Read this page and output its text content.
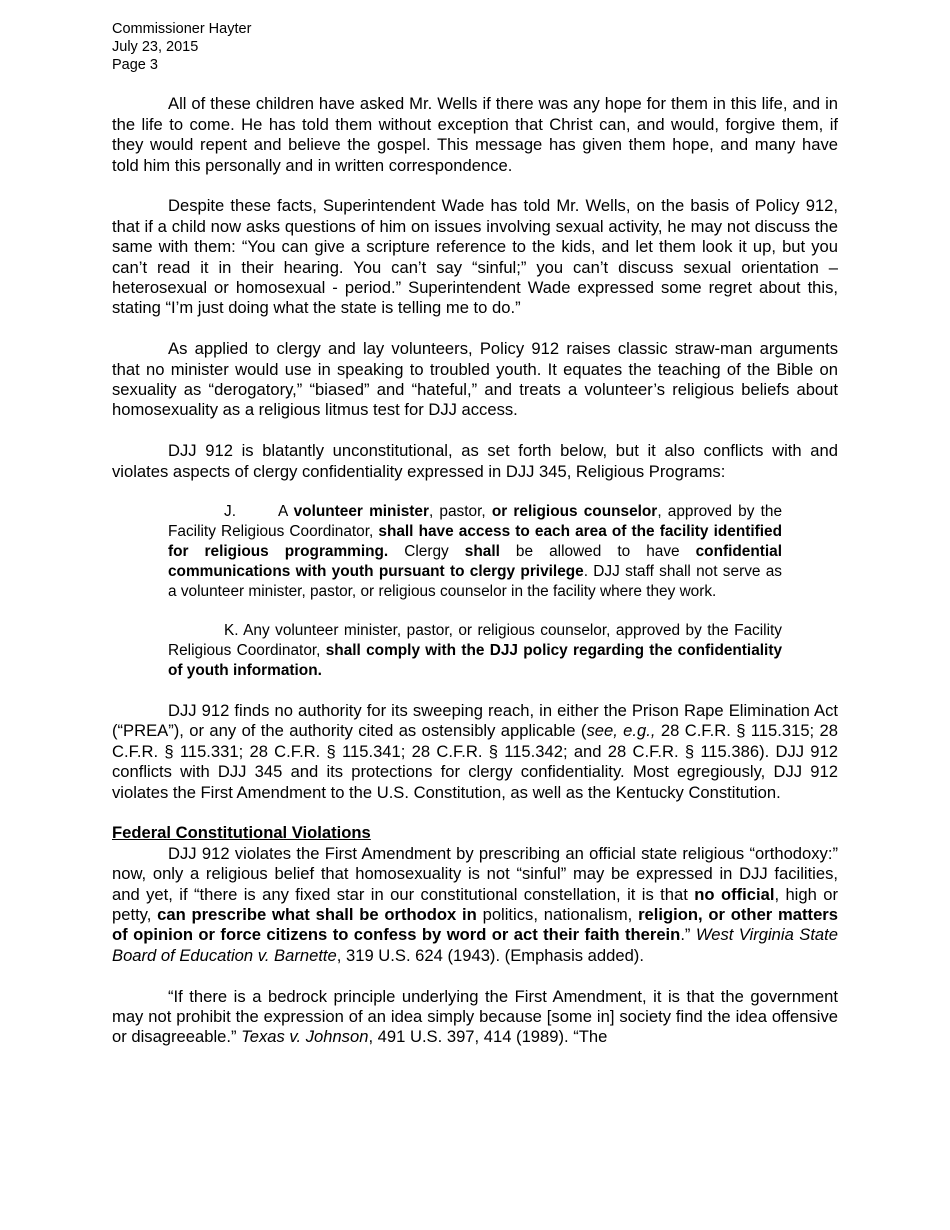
Commissioner Hayter
July 23, 2015
Page 3

All of these children have asked Mr. Wells if there was any hope for them in this life, and in the life to come. He has told them without exception that Christ can, and would, forgive them, if they would repent and believe the gospel. This message has given them hope, and many have told him this personally and in written correspondence.

Despite these facts, Superintendent Wade has told Mr. Wells, on the basis of Policy 912, that if a child now asks questions of him on issues involving sexual activity, he may not discuss the same with them: “You can give a scripture reference to the kids, and let them look it up, but you can’t read it in their hearing. You can’t say “sinful;” you can’t discuss sexual orientation – heterosexual or homosexual - period.” Superintendent Wade expressed some regret about this, stating “I’m just doing what the state is telling me to do.”

As applied to clergy and lay volunteers, Policy 912 raises classic straw-man arguments that no minister would use in speaking to troubled youth. It equates the teaching of the Bible on sexuality as “derogatory,” “biased” and “hateful,” and treats a volunteer’s religious beliefs about homosexuality as a religious litmus test for DJJ access.

DJJ 912 is blatantly unconstitutional, as set forth below, but it also conflicts with and violates aspects of clergy confidentiality expressed in DJJ 345, Religious Programs:

J.	A volunteer minister, pastor, or religious counselor, approved by the Facility Religious Coordinator, shall have access to each area of the facility identified for religious programming. Clergy shall be allowed to have confidential communications with youth pursuant to clergy privilege. DJJ staff shall not serve as a volunteer minister, pastor, or religious counselor in the facility where they work.

K. Any volunteer minister, pastor, or religious counselor, approved by the Facility Religious Coordinator, shall comply with the DJJ policy regarding the confidentiality of youth information.

DJJ 912 finds no authority for its sweeping reach, in either the Prison Rape Elimination Act (“PREA”), or any of the authority cited as ostensibly applicable (see, e.g., 28 C.F.R. § 115.315; 28 C.F.R. § 115.331; 28 C.F.R. § 115.341; 28 C.F.R. § 115.342; and 28 C.F.R. § 115.386). DJJ 912 conflicts with DJJ 345 and its protections for clergy confidentiality. Most egregiously, DJJ 912 violates the First Amendment to the U.S. Constitution, as well as the Kentucky Constitution.

Federal Constitutional Violations

DJJ 912 violates the First Amendment by prescribing an official state religious “orthodoxy:” now, only a religious belief that homosexuality is not “sinful” may be expressed in DJJ facilities, and yet, if “there is any fixed star in our constitutional constellation, it is that no official, high or petty, can prescribe what shall be orthodox in politics, nationalism, religion, or other matters of opinion or force citizens to confess by word or act their faith therein.” West Virginia State Board of Education v. Barnette, 319 U.S. 624 (1943). (Emphasis added).

“If there is a bedrock principle underlying the First Amendment, it is that the government may not prohibit the expression of an idea simply because [some in] society find the idea offensive or disagreeable.” Texas v. Johnson, 491 U.S. 397, 414 (1989). “The
